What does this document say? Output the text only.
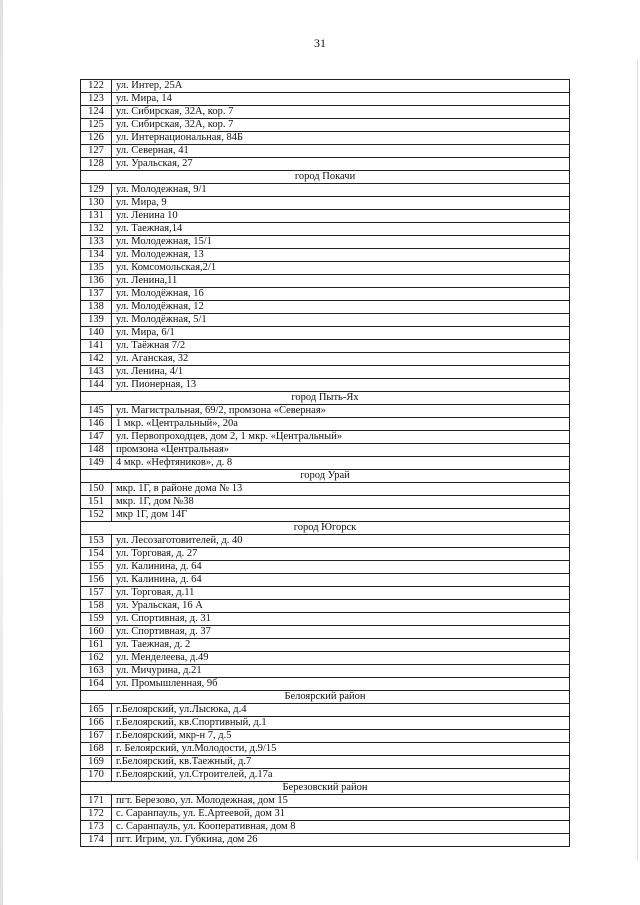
31
122	ул. Интер, 25А
123	ул. Мира, 14
124	ул. Сибирская, 32А, кор. 7
125	ул. Сибирская, 32А, кор. 7
126	ул. Интернациональная, 84Б
127	ул. Северная, 41
128	ул. Уральская, 27
город Покачи	
129	ул. Молодежная, 9/1
130	ул. Мира, 9
131	ул. Ленина 10
132	ул. Таежная,14
133	ул. Молодежная, 15/1
134	ул. Молодежная, 13
135	ул. Комсомольская,2/1
136	ул. Ленина,11
137	ул. Молодёжная, 16
138	ул. Молодёжная, 12
139	ул. Молодёжная, 5/1
140	ул. Мира, 6/1
141	ул. Таёжная 7/2
142	ул. Аганская, 32
143	ул. Ленина, 4/1
144	ул. Пионерная, 13
город Пыть-Ях	
145	ул. Магистральная, 69/2, промзона «Северная»
146	1 мкр. «Центральный», 20а
147	ул. Первопроходцев, дом 2, 1 мкр. «Центральный»
148	промзона «Центральная»
149	4 мкр. «Нефтяников», д. 8
город Урай	
150	мкр. 1Г, в районе дома № 13
151	мкр. 1Г, дом №38
152	мкр 1Г, дом 14Г
город Югорск	
153	ул. Лесозаготовителей, д. 40
154	ул. Торговая, д. 27
155	ул. Калинина, д. 64
156	ул. Калинина, д. 64
157	ул. Торговая, д.11
158	ул. Уральская, 16 А
159	ул. Спортивная, д. 31
160	ул. Спортивная, д. 37
161	ул. Таежная, д. 2
162	ул. Менделеева, д.49
163	ул. Мичурина, д.21
164	ул. Промышленная, 9б
Белоярский район	
165	г.Белоярский, ул.Лысюка, д.4
166	г.Белоярский, кв.Спортивный, д.1
167	г.Белоярский, мкр-н 7, д.5
168	г. Белоярский, ул.Молодости, д.9/15
169	г.Белоярский, кв.Таежный, д.7
170	г.Белоярский, ул.Строителей, д.17а
Березовский район	
171	пгт. Березово, ул. Молодежная, дом 15
172	с. Саранпауль, ул. Е.Артеевой, дом 31
173	с. Саранпауль, ул. Кооперативная, дом 8
174	пгт. Игрим, ул. Губкина, дом 26
